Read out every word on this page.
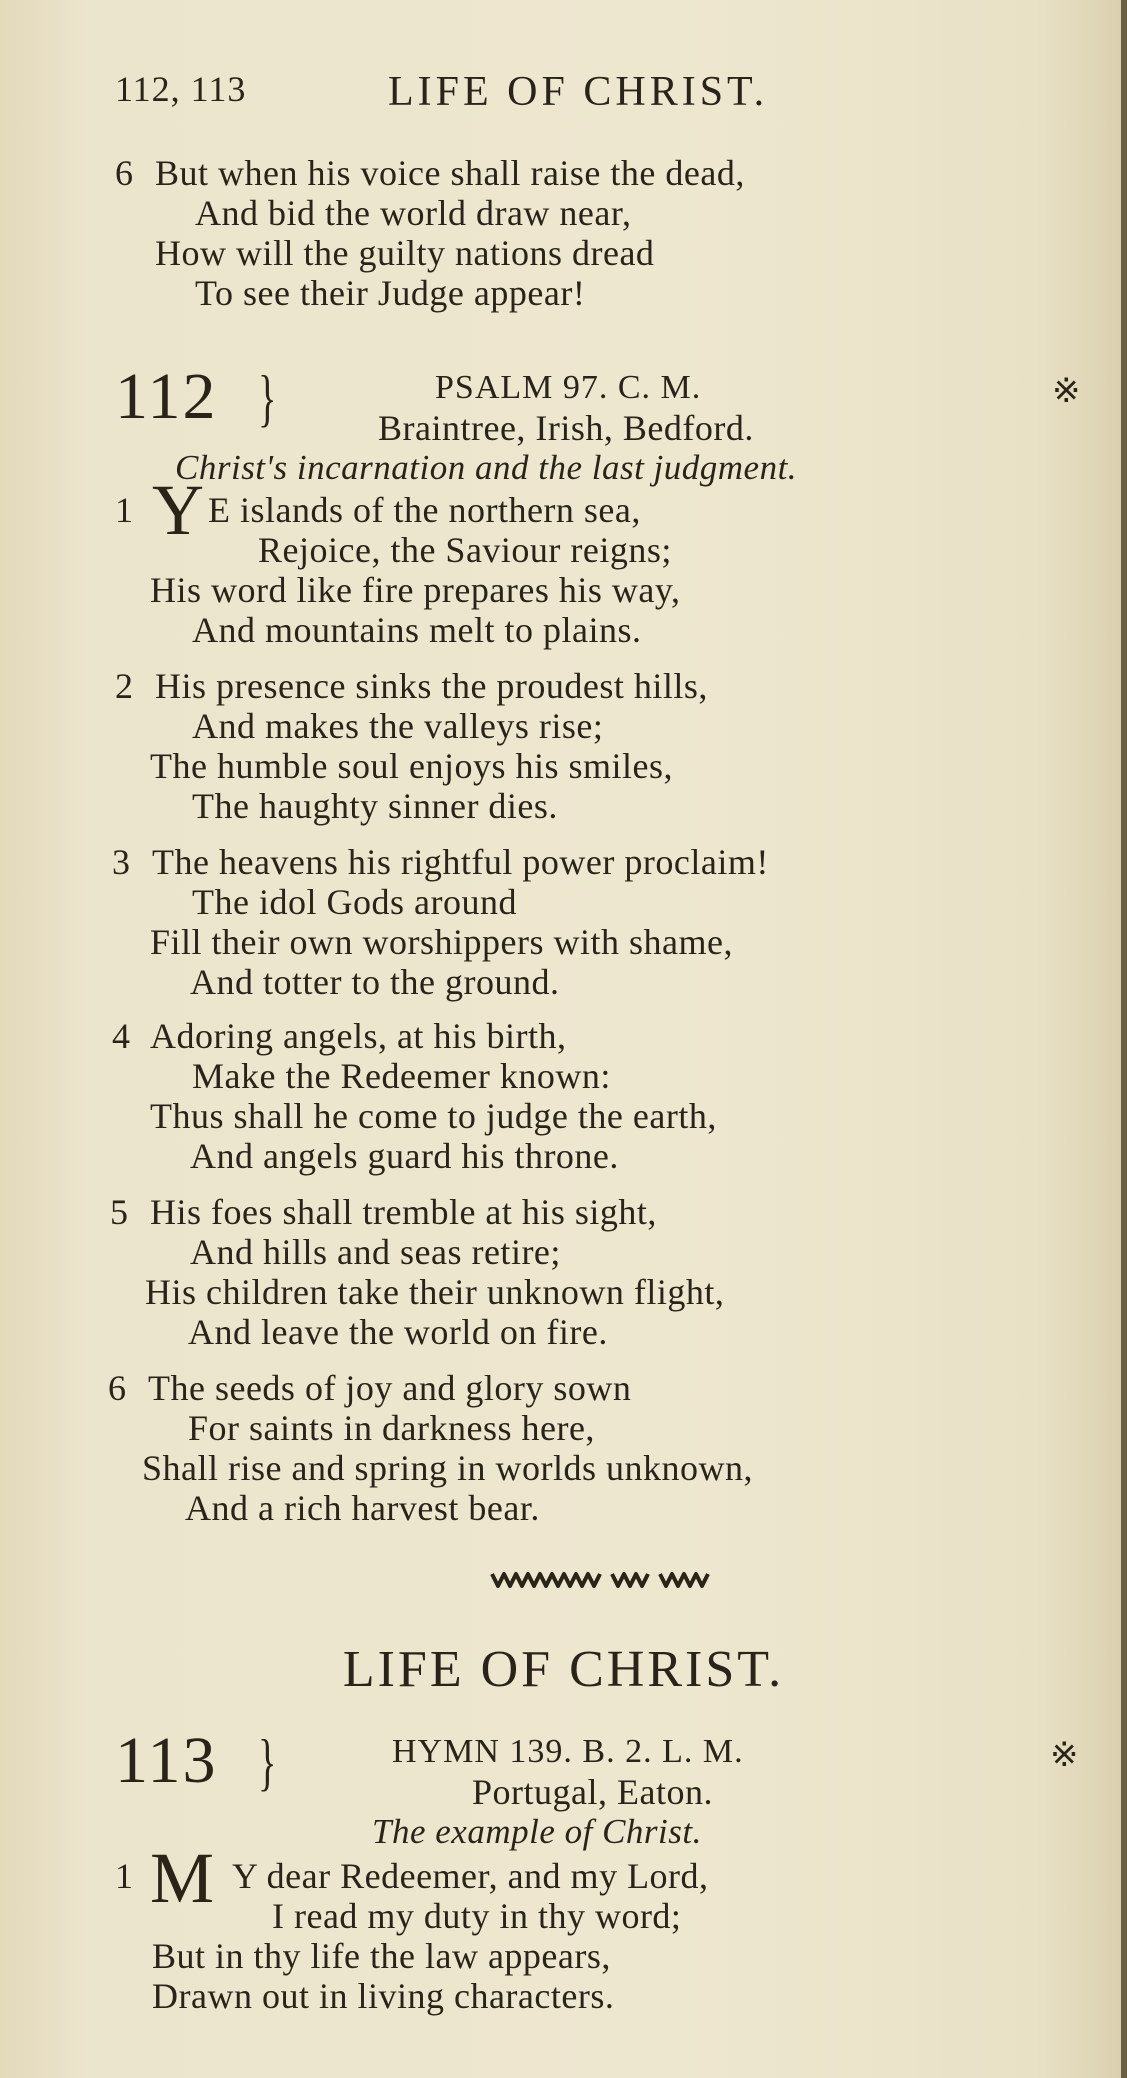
112, 113	LIFE OF CHRIST.
6 But when his voice shall raise the dead,
And bid the world draw near,
How will the guilty nations dread
To see their Judge appear!
112 }	PSALM 97. C. M.	※
Braintree, Irish, Bedford.
Christ's incarnation and the last judgment.
1 Y E islands of the northern sea,
Rejoice, the Saviour reigns;
His word like fire prepares his way,
And mountains melt to plains.
2 His presence sinks the proudest hills,
And makes the valleys rise;
The humble soul enjoys his smiles,
The haughty sinner dies.
3 The heavens his rightful power proclaim!
The idol Gods around
Fill their own worshippers with shame,
And totter to the ground.
4 Adoring angels, at his birth,
Make the Redeemer known:
Thus shall he come to judge the earth,
And angels guard his throne.
5 His foes shall tremble at his sight,
And hills and seas retire;
His children take their unknown flight,
And leave the world on fire.
6 The seeds of joy and glory sown
For saints in darkness here,
Shall rise and spring in worlds unknown,
And a rich harvest bear.
LIFE OF CHRIST.
113 }	HYMN 139. B. 2. L. M.	※
Portugal, Eaton.
The example of Christ.
1 M Y dear Redeemer, and my Lord,
I read my duty in thy word;
But in thy life the law appears,
Drawn out in living characters.
